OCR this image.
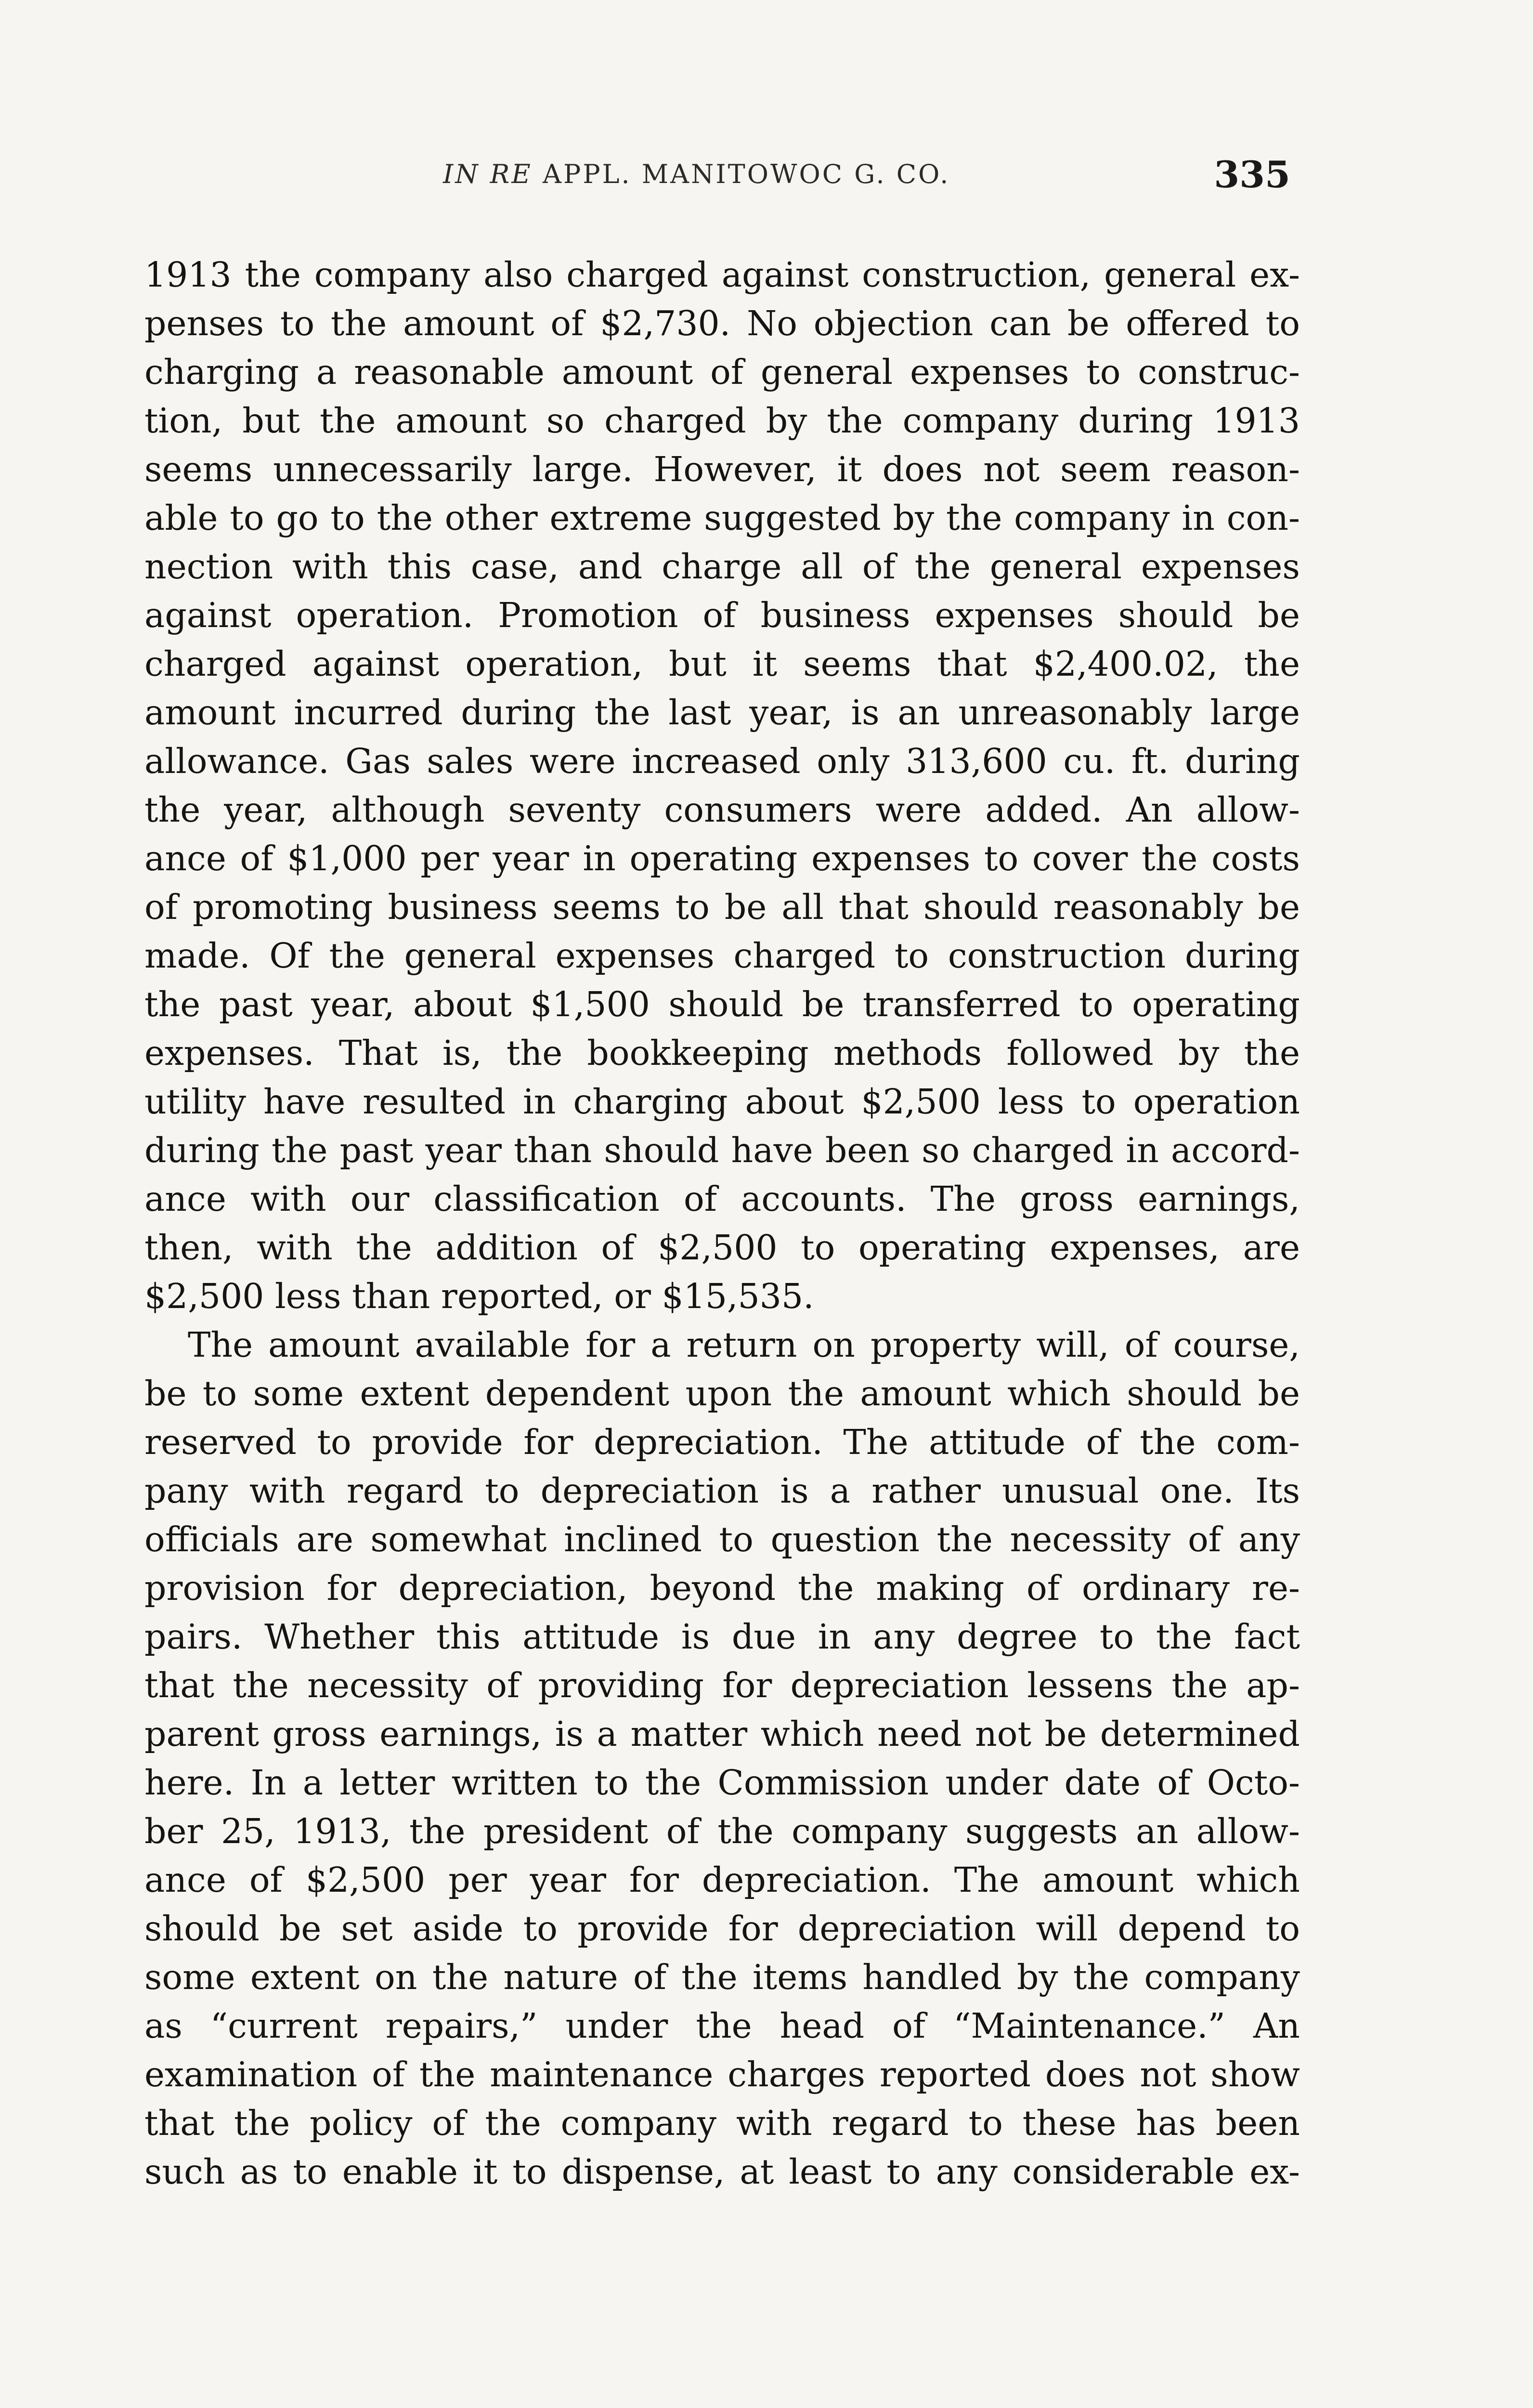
IN RE APPL. MANITOWOC G. CO.	335
1913 the company also charged against construction, general ex-
penses to the amount of $2,730. No objection can be offered to
charging a reasonable amount of general expenses to construc-
tion, but the amount so charged by the company during 1913
seems unnecessarily large. However, it does not seem reason-
able to go to the other extreme suggested by the company in con-
nection with this case, and charge all of the general expenses
against operation. Promotion of business expenses should be
charged against operation, but it seems that $2,400.02, the
amount incurred during the last year, is an unreasonably large
allowance. Gas sales were increased only 313,600 cu. ft. during
the year, although seventy consumers were added. An allow-
ance of $1,000 per year in operating expenses to cover the costs
of promoting business seems to be all that should reasonably be
made. Of the general expenses charged to construction during
the past year, about $1,500 should be transferred to operating
expenses. That is, the bookkeeping methods followed by the
utility have resulted in charging about $2,500 less to operation
during the past year than should have been so charged in accord-
ance with our classification of accounts. The gross earnings,
then, with the addition of $2,500 to operating expenses, are
$2,500 less than reported, or $15,535.
The amount available for a return on property will, of course,
be to some extent dependent upon the amount which should be
reserved to provide for depreciation. The attitude of the com-
pany with regard to depreciation is a rather unusual one. Its
officials are somewhat inclined to question the necessity of any
provision for depreciation, beyond the making of ordinary re-
pairs. Whether this attitude is due in any degree to the fact
that the necessity of providing for depreciation lessens the ap-
parent gross earnings, is a matter which need not be determined
here. In a letter written to the Commission under date of Octo-
ber 25, 1913, the president of the company suggests an allow-
ance of $2,500 per year for depreciation. The amount which
should be set aside to provide for depreciation will depend to
some extent on the nature of the items handled by the company
as “current repairs,” under the head of “Maintenance.” An
examination of the maintenance charges reported does not show
that the policy of the company with regard to these has been
such as to enable it to dispense, at least to any considerable ex-
